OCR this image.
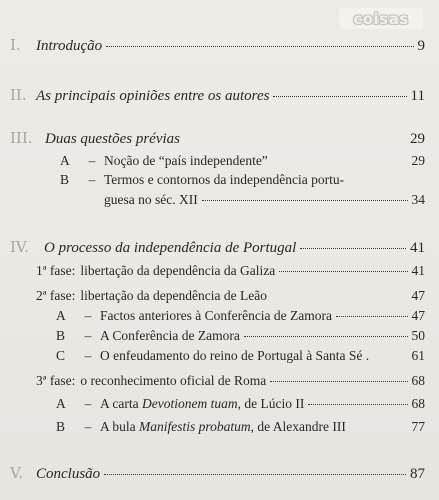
coisas
I.	Introdução	9
II. As principais opiniões entre os autores	11
III. Duas questões prévias	29
A	– Noção de “país independente”	29
B	– Termos e contornos da independência portu-
guesa no séc. XII	34
IV.	O processo da independência de Portugal	41
1ª fase: libertação da dependência da Galiza	41
2ª fase: libertação da dependência de Leão	47
A	– Factos anteriores à Conferência de Zamora	47
B	– A Conferência de Zamora	50
C	– O enfeudamento do reino de Portugal à Santa Sé .	61
3ª fase: o reconhecimento oficial de Roma	68
A	– A carta Devotionem tuam, de Lúcio II	68
B	– A bula Manifestis probatum, de Alexandre III	77
V. Conclusão	87
